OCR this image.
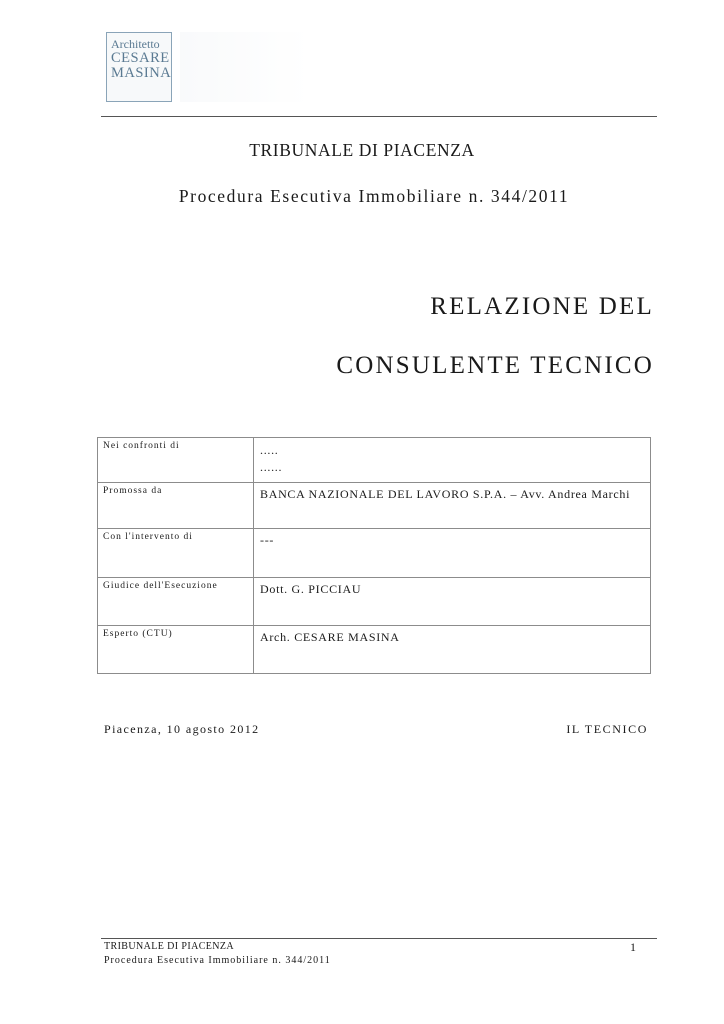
Architetto
CESARE
MASINA
TRIBUNALE DI PIACENZA
Procedura Esecutiva Immobiliare n. 344/2011
RELAZIONE DEL
CONSULENTE TECNICO
Nei confronti di	.....
......

Promossa da	BANCA NAZIONALE DEL LAVORO S.P.A. – Avv. Andrea Marchi
Con l'intervento di	---
Giudice dell'Esecuzione	Dott. G. PICCIAU
Esperto (CTU)	Arch. CESARE MASINA
Piacenza, 10 agosto 2012	IL TECNICO
TRIBUNALE DI PIACENZA
Procedura Esecutiva Immobiliare n. 344/2011
1
